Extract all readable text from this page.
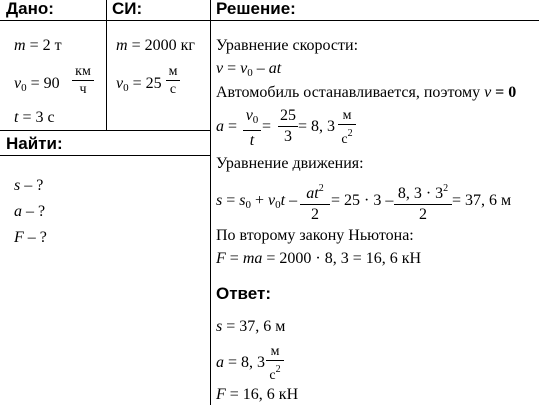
Дано:	СИ:	Решение:
Найти:
Ответ:
m = 2 т
$v_0 = 90$
км
ч
t = 3 с
m = 2000 кг
$v_0 = 25$
м
с
s – ?
a – ?
F – ?
Уравнение скорости:
$v = v_0$ – at
Автомобиль останавливается, поэтому v = 0
a =
$v_0$
t
=
25
3
= 8, 3
м
$с^2$
Уравнение движения:
$s = s_0 + v_0t - at^2$
2
= 25 · 3 – 8, $3 \cdot 3^2$
2
= 37, 6 м
По второму закону Ньютона:
F = ma = 2000 · 8, 3 = 16, 6 кН
s = 37, 6 м
a = 8, 3
м
$с^2$
F = 16, 6 кН
